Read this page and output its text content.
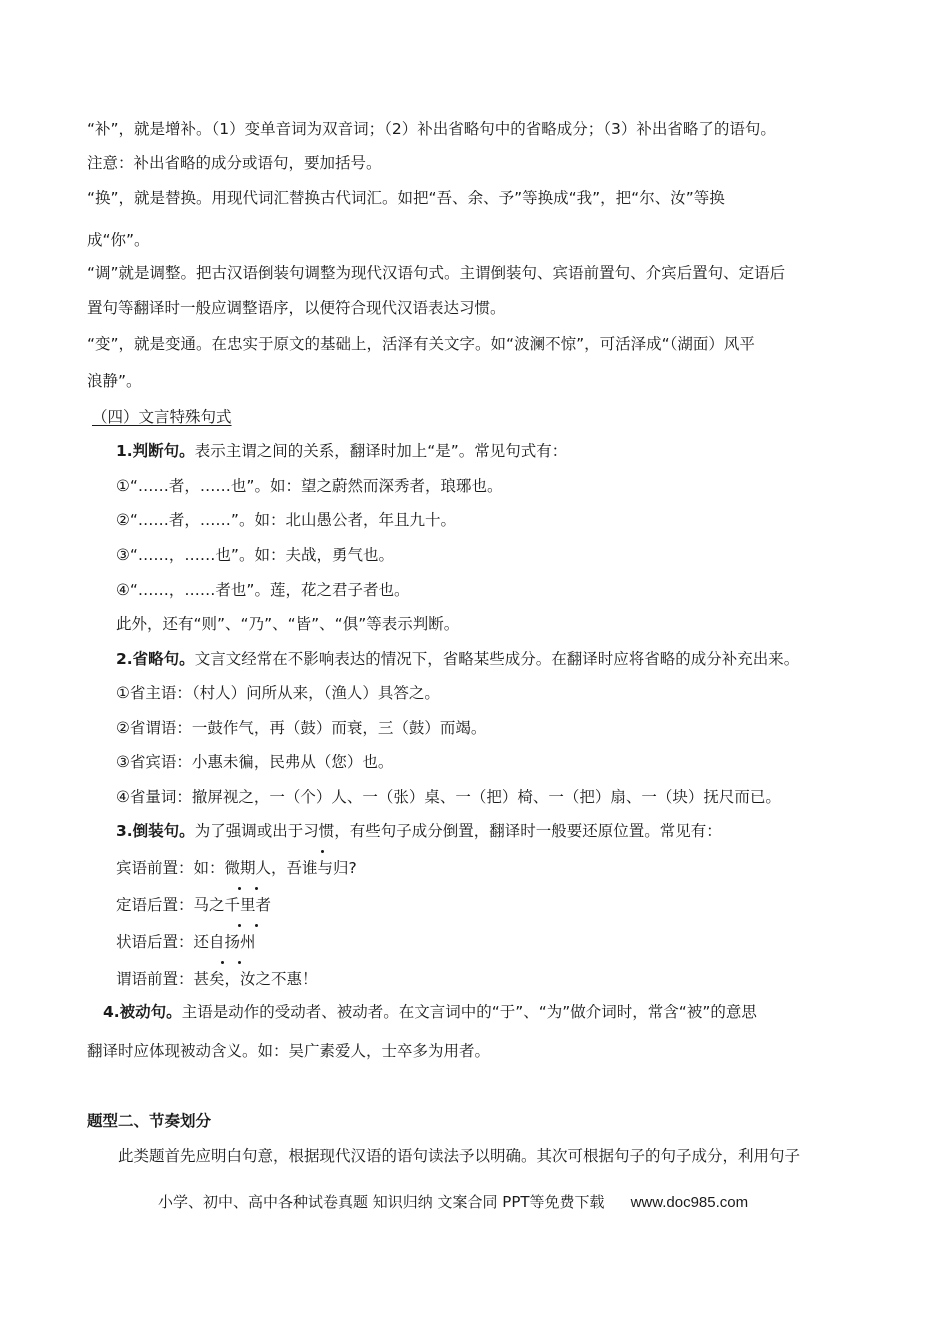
“补”，就是增补。（1）变单音词为双音词；（2）补出省略句中的省略成分；（3）补出省略了的语句。
注意：补出省略的成分或语句，要加括号。
“换”，就是替换。用现代词汇替换古代词汇。如把“吾、余、予”等换成“我”，把“尔、汝”等换
成“你”。
“调”就是调整。把古汉语倒装句调整为现代汉语句式。主谓倒装句、宾语前置句、介宾后置句、定语后
置句等翻译时一般应调整语序，以便符合现代汉语表达习惯。
“变”，就是变通。在忠实于原文的基础上，活泽有关文字。如“波澜不惊”，可活泽成“（湖面）风平
浪静”。
（四）文言特殊句式
1.判断句。表示主谓之间的关系，翻译时加上“是”。常见句式有：
①“……者，……也”。如：望之蔚然而深秀者，琅琊也。
②“……者，……”。如：北山愚公者，年且九十。
③“……，……也”。如：夫战，勇气也。
④“……，……者也”。莲，花之君子者也。
此外，还有“则”、“乃”、“皆”、“俱”等表示判断。
2.省略句。文言文经常在不影响表达的情况下，省略某些成分。在翻译时应将省略的成分补充出来。
①省主语：（村人）问所从来，（渔人）具答之。
②省谓语：一鼓作气，再（鼓）而衰，三（鼓）而竭。
③省宾语：小惠未徧，民弗从（您）也。
④省量词：撤屏视之，一（个）人、一（张）桌、一（把）椅、一（把）扇、一（块）抚尺而已。
3.倒装句。为了强调或出于习惯，有些句子成分倒置，翻译时一般要还原位置。常见有：
宾语前置：如：微期人，吾谁与归?
定语后置：马之千里者
状语后置：还自扬州
谓语前置：甚矣，汝之不惠！
4.被动句。主语是动作的受动者、被动者。在文言词中的“于”、“为”做介词时，常含“被”的意思
翻译时应体现被动含义。如：吴广素爱人，士卒多为用者。
题型二、节奏划分
此类题首先应明白句意，根据现代汉语的语句读法予以明确。其次可根据句子的句子成分，利用句子
小学、初中、高中各种试卷真题 知识归纳 文案合同 PPT等免费下载 www.doc985.com
